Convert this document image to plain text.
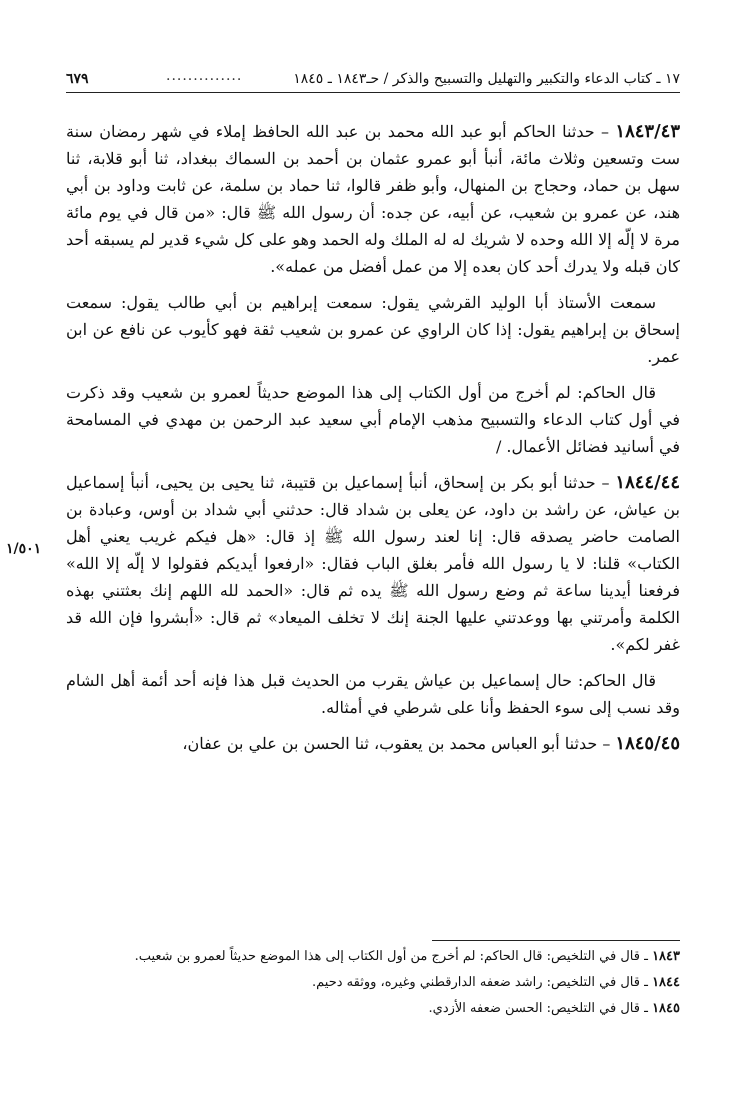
١٧ ـ كتاب الدعاء والتكبير والتهليل والتسبيح والذكر / حـ١٨٤٣ ـ ١٨٤٥
٦٧٩	..............

١٨٤٣/٤٣ – حدثنا الحاكم أبو عبد الله محمد بن عبد الله الحافظ إملاء في شهر رمضان سنة ست وتسعين وثلاث مائة، أنبأ أبو عمرو عثمان بن أحمد بن السماك ببغداد، ثنا أبو قلابة، ثنا سهل بن حماد، وحجاج بن المنهال، وأبو ظفر قالوا، ثنا حماد بن سلمة، عن ثابت وداود بن أبي هند، عن عمرو بن شعيب، عن أبيه، عن جده: أن رسول الله ﷺ قال: «من قال في يوم مائة مرة لا إلّه إلا الله وحده لا شريك له له الملك وله الحمد وهو على كل شيء قدير لم يسبقه أحد كان قبله ولا يدرك أحد كان بعده إلا من عمل أفضل من عمله».

سمعت الأستاذ أبا الوليد القرشي يقول: سمعت إبراهيم بن أبي طالب يقول: سمعت إسحاق بن إبراهيم يقول: إذا كان الراوي عن عمرو بن شعيب ثقة فهو كأيوب عن نافع عن ابن عمر.

قال الحاكم: لم أخرج من أول الكتاب إلى هذا الموضع حديثاً لعمرو بن شعيب وقد ذكرت في أول كتاب الدعاء والتسبيح مذهب الإمام أبي سعيد عبد الرحمن بن مهدي في المسامحة في أسانيد فضائل الأعمال. /

١٨٤٤/٤٤ – حدثنا أبو بكر بن إسحاق، أنبأ إسماعيل بن قتيبة، ثنا يحيى بن يحيى، أنبأ إسماعيل بن عياش، عن راشد بن داود، عن يعلى بن شداد قال: حدثني أبي شداد بن أوس، وعبادة بن الصامت حاضر يصدقه قال: إنا لعند رسول الله ﷺ إذ قال: «هل فيكم غريب يعني أهل الكتاب» قلنا: لا يا رسول الله فأمر بغلق الباب فقال: «ارفعوا أيديكم فقولوا لا إلّه إلا الله» فرفعنا أيدينا ساعة ثم وضع رسول الله ﷺ يده ثم قال: «الحمد لله اللهم إنك بعثتني بهذه الكلمة وأمرتني بها ووعدتني عليها الجنة إنك لا تخلف الميعاد» ثم قال: «أبشروا فإن الله قد غفر لكم».

قال الحاكم: حال إسماعيل بن عياش يقرب من الحديث قبل هذا فإنه أحد أئمة أهل الشام وقد نسب إلى سوء الحفظ وأنا على شرطي في أمثاله.

١٨٤٥/٤٥ – حدثنا أبو العباس محمد بن يعقوب، ثنا الحسن بن علي بن عفان،

١/٥٠١

١٨٤٣ ـ قال في التلخيص: قال الحاكم: لم أخرج من أول الكتاب إلى هذا الموضع حديثاً لعمرو بن شعيب.

١٨٤٤ ـ قال في التلخيص: راشد ضعفه الدارقطني وغيره، ووثقه دحيم.

١٨٤٥ ـ قال في التلخيص: الحسن ضعفه الأزدي.
